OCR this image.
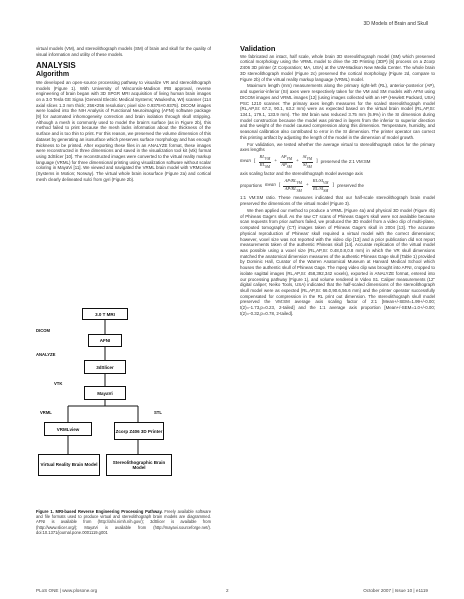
3D Models of Brain and Skull

virtual models (VM), and stereolithograph models (SM) of brain and skull for the quality of visual information and utility of these models.

ANALYSIS
Algorithm

We developed an open-source processing pathway to visualize VR and stereolithograph models (Figure 1). With University of Wisconsin-Madison IRB approval, reverse engineering of brain began with 3D SPGR MRI acquisition of living human brain images on a 3.0 Tesla GE Signa (General Electric Medical Systems; Waukesha, WI) scanner (114 axial slices 1.3 mm thick; 256×256 resolution; pixel size 0.9375×0.9375). DICOM images were loaded into the NIH Analysis of Functional Neuroimaging (AFNI) software package [9] for automated inhomogeneity correction and brain isolation through skull stripping. Although a mesh is commonly used to model the brain's surface (as in Figure 2b), this method failed to print because the mesh lacks information about the thickness of the surface and is too thin to print. For this reason, we preserved the volume dimension of this dataset by generating an isosurface which preserves surface morphology and has enough thickness to be printed. After exporting these files in an ANALYZE format, these images were reconstructed in three dimensions and saved in the visualization tool kit (vtk) format using 3dSlicer [10]. The reconstructed images were converted to the virtual reality markup language (VRML) for three dimensional printing using visualization software without scalar coloring in MayaVi [11]. We viewed and navigated the VRML brain model with VRMLView (Systems in Motion; Norway). The virtual whole brain isosurface (Figure 2a) and cortical mesh clearly delineated sulci from gyri (Figure 2b).

3.0 T MRI
DICOM
AFNI
ANALYZE
3dSlicer
VTK
MayaVi
VRML	STL
VRMLview	Zcorp Z406 3D Printer
Virtual Reality Brain Model
Stereolithographic Brain Model
Figure 1. MRI-based Reverse Engineering Processing Pathway. Freely available software and file formats used to produce virtual and stereolithograph brain models are diagrammed. AFNI is available from (http://afni.nimh.nih.gov/); 3dSlicer is available from (http://www.slicer.org/); MayaVi is available from (http://mayavi.sourceforge.net/). doi:10.1371/journal.pone.0001119.g001
Validation

We fabricated an intact, half scale, whole brain 3D stereolithograph model (SM) which preserved cortical morphology using the VRML model to drive the 3D Printing (3DP) [6] process on a Zcorp Z406 3D printer (Z Corporation; MA, USA) at the UW-Madison New Media Center. The whole brain 3D stereolithograph model (Figure 2c) preserved the cortical morphology (Figure 2d, compare to Figure 2b) of the virtual reality markup language (VRML) model.

Maximum length (mm) measurements along the primary right-left (RL), anterior-posterior (AP), and superior-inferior (SI) axes were respectively taken for the VM and SM models with AFNI using DICOM images and VRML images [12] (using images collected with an HP (Hewlett Packard, USA) PSC 1210 scanner. The primary axes length measures for the scaled stereolithograph model (RL,AP,SI: 67.2, 90.1, 63.2 mm) were as expected based on the virtual brain model (RL,AP,SI: 134.1, 179.1, 133.9 mm). The SM brain was reduced 3.75 mm (5.9%) in the SI dimension during model construction because the model was printed in layers from the inferior to superior direction and the weight of the model caused compression along this dimension. Temperature, humidity, and seasonal calibration also contributed to error in the SI dimension. The printer operator can correct this printing artifact by adjusting the length of the model in the dimension of model growth.

For validation, we tested whether the average virtual to stereolithograph ratios for the primary axes lengths

mean [ $\frac{RL_{VM}}{RL_{SM}} + \frac{AP_{VM}}{AP_{SM}} + \frac{SI_{VM}}{SI_{SM}}$ ] preserved the 2:1 VM:SM

axis scaling factor and the stereolithograph model average axis

proportions mean [ $\frac{AP/RL_{VM}}{AP/RL_{SM}} + \frac{RL/SI_{VM}}{RL/SI_{SM}}$ ] preserved the

1:1 VM:SM ratio. These measures indicated that our half-scale stereolithograph brain model preserved the dimensions of the virtual model (Figure 3).

We then applied our method to produce a VRML (Figure 4a) and physical 3D model (Figure 4b) of Phineas Gage's skull. As the raw CT scans of Phineas Gage's skull were not available because scan requests from prior authors failed, we produced the 3D model from a video clip of multi-plane, computed tomography (CT) images taken of Phineas Gage's skull in 2004 [13]. The accurate physical reproduction of Phineas' skull required a virtual model with the correct dimensions; however, voxel size was not reported with the video clip [13] and a prior publication did not report measurements taken of the authentic Phineas skull [14]. Accurate replication of the virtual model was possible using a voxel size (RL,AP,SI: 0.48,0.8,0.8 mm) in which the VR skull dimensions matched the anatomical dimension measures of the authentic Phineas Gage skull (Table 1) provided by Dominic Hall, Curator of the Warren Anatomical Museum at Harvard Medical School which houses the authentic skull of Phineas Gage. The mpeg video clip was brought into AFNI, cropped to isolate sagittal images (RL,AP,SI: 458,392,342 voxels), exported in ANALYZE format, entered into our processing pathway (Figure 1), and volume rendered in Video S1. Caliper measurements (12" digital caliper; Neiko Tools, USA) indicated that the half-scaled dimensions of the stereolithograph skull model were as expected (RL,AP,SI: 66.0,90.6,56.6 mm) and the printer operator successfully compensated for compression in the RL print out dimension. The stereolithograph skull model preserved the VM:SM average axis scaling factor of 2:1 [Mean+/-SEM=1.99+/-0.00; t(2)=-1.73,p=0.23, 2-tailed] and the 1:1 average axis proportion [Mean+/-SEM=1.0+/-0.00; t(2)=-0.32,p=0.78, 2-tailed].

PLoS ONE | www.plosone.org	2	October 2007 | Issue 10 | e1119
